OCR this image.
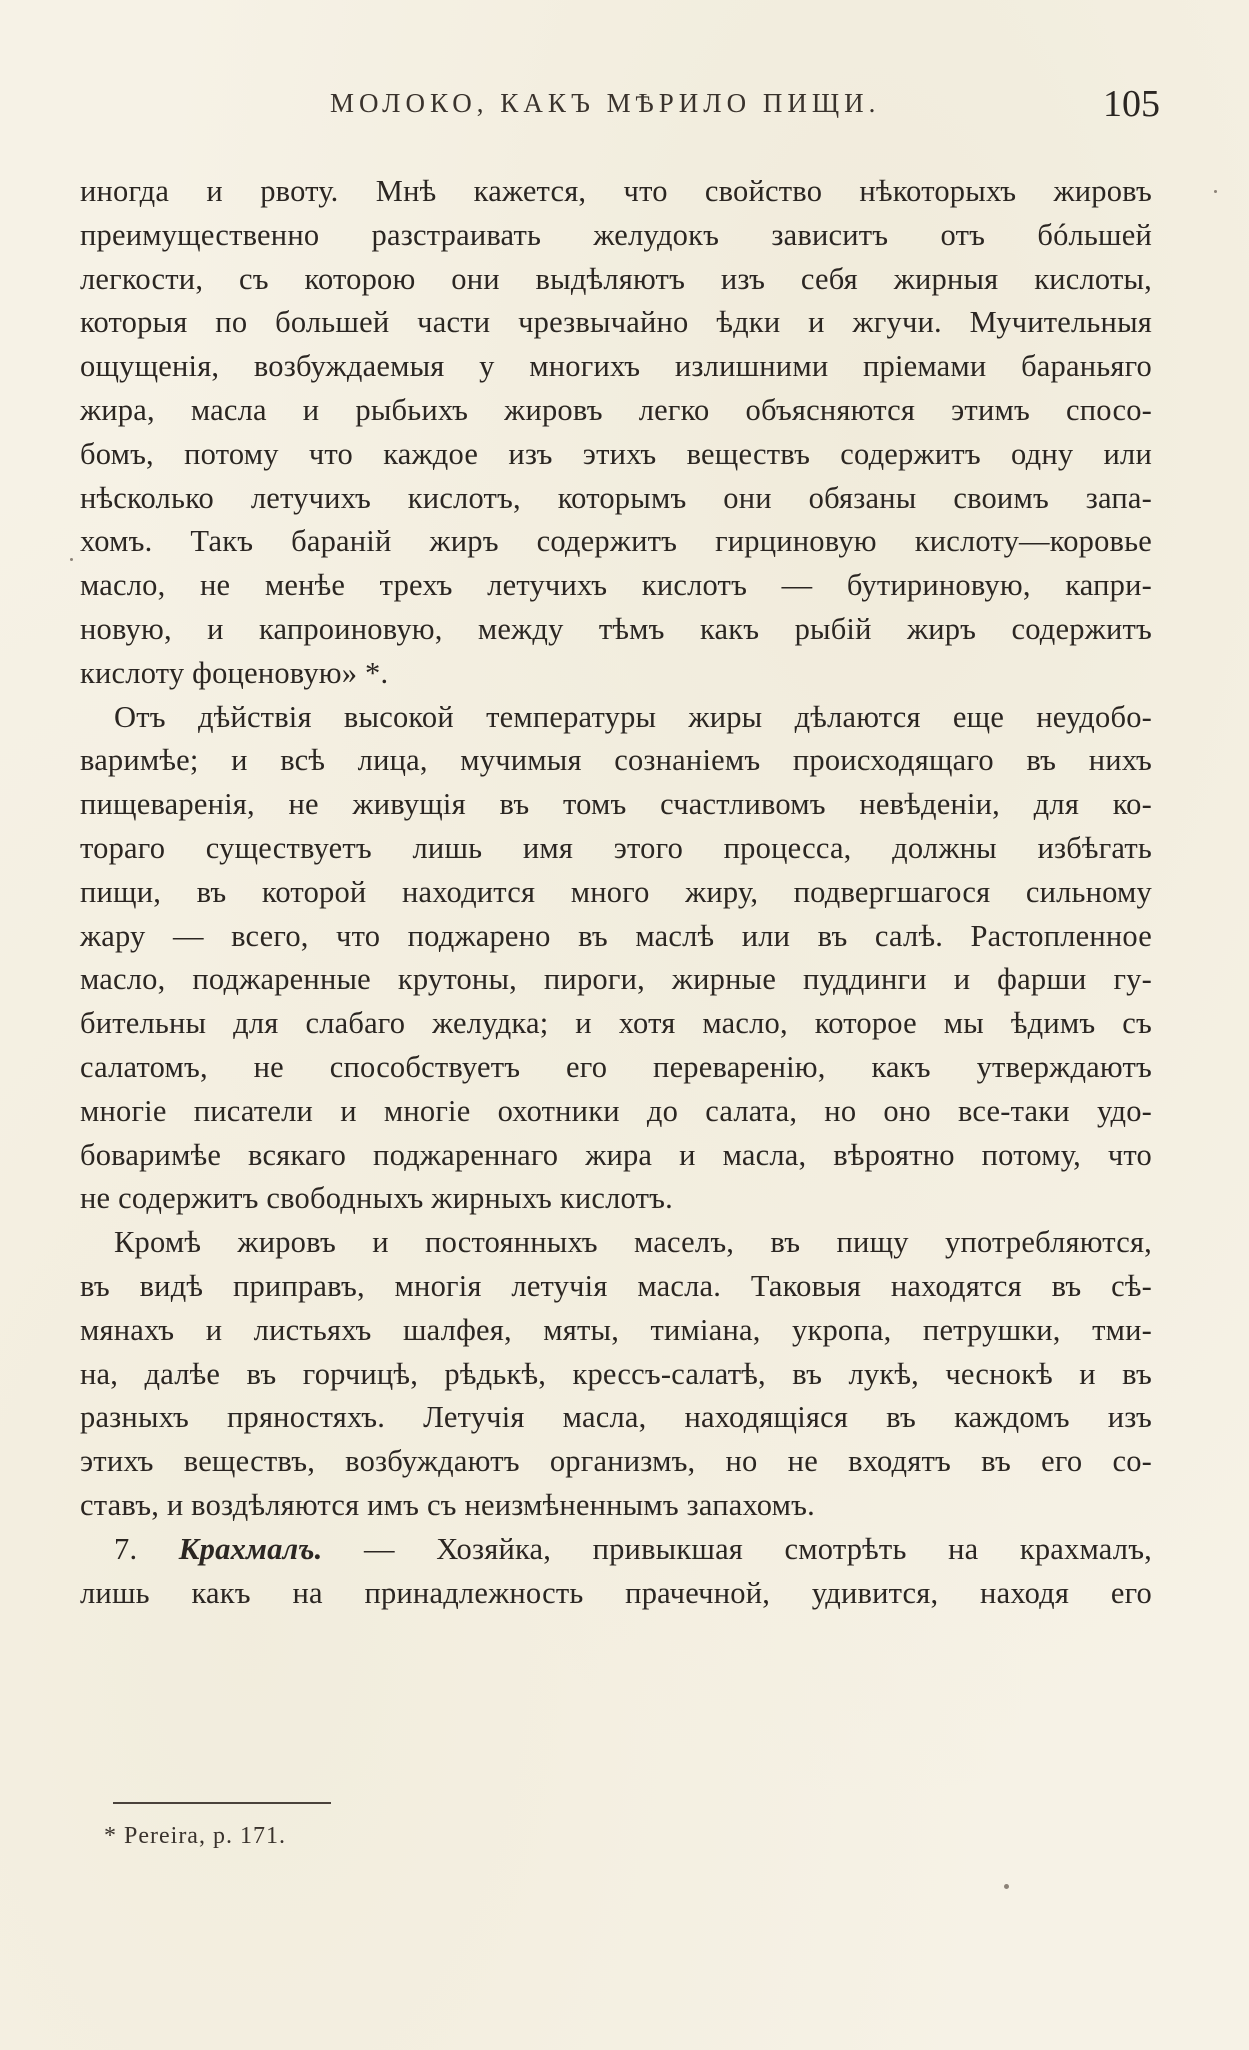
МОЛОКО, КАКЪ МѢРИЛО ПИЩИ.	105
иногда и рвоту. Мнѣ кажется, что свойство нѣкоторыхъ жировъ
преимущественно разстраивать желудокъ зависитъ отъ бóльшей
легкости, съ которою они выдѣляютъ изъ себя жирныя кислоты,
которыя по большей части чрезвычайно ѣдки и жгучи. Мучительныя
ощущенія, возбуждаемыя у многихъ излишними пріемами бараньяго
жира, масла и рыбьихъ жировъ легко объясняются этимъ спосо-
бомъ, потому что каждое изъ этихъ веществъ содержитъ одну или
нѣсколько летучихъ кислотъ, которымъ они обязаны своимъ запа-
хомъ. Такъ бараній жиръ содержитъ гирциновую кислоту—коровье
масло, не менѣе трехъ летучихъ кислотъ — бутириновую, капри-
новую, и капроиновую, между тѣмъ какъ рыбій жиръ содержитъ
кислоту фоценовую» *.
Отъ дѣйствія высокой температуры жиры дѣлаются еще неудобо-
варимѣе; и всѣ лица, мучимыя сознаніемъ происходящаго въ нихъ
пищеваренія, не живущія въ томъ счастливомъ невѣденіи, для ко-
тораго существуетъ лишь имя этого процесса, должны избѣгать
пищи, въ которой находится много жиру, подвергшагося сильному
жару — всего, что поджарено въ маслѣ или въ салѣ. Растопленное
масло, поджаренные крутоны, пироги, жирные пуддинги и фарши гу-
бительны для слабаго желудка; и хотя масло, которое мы ѣдимъ съ
салатомъ, не способствуетъ его переваренію, какъ утверждаютъ
многіе писатели и многіе охотники до салата, но оно все-таки удо-
боваримѣе всякаго поджареннаго жира и масла, вѣроятно потому, что
не содержитъ свободныхъ жирныхъ кислотъ.
Кромѣ жировъ и постоянныхъ маселъ, въ пищу употребляются,
въ видѣ приправъ, многія летучія масла. Таковыя находятся въ сѣ-
мянахъ и листьяхъ шалфея, мяты, тиміана, укропа, петрушки, тми-
на, далѣе въ горчицѣ, рѣдькѣ, крессъ-салатѣ, въ лукѣ, чеснокѣ и въ
разныхъ пряностяхъ. Летучія масла, находящіяся въ каждомъ изъ
этихъ веществъ, возбуждаютъ организмъ, но не входятъ въ его со-
ставъ, и воздѣляются имъ съ неизмѣненнымъ запахомъ.
7. Крахмалъ. — Хозяйка, привыкшая смотрѣть на крахмалъ,
лишь какъ на принадлежность прачечной, удивится, находя его
* Pereira, p. 171.
